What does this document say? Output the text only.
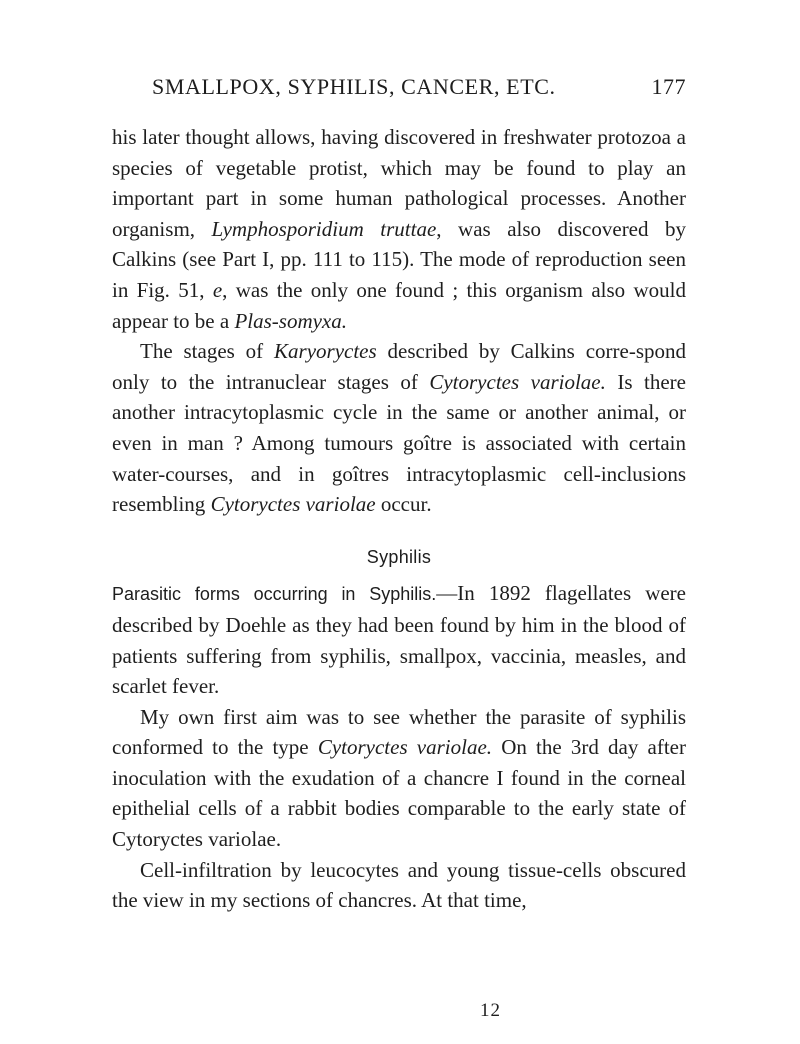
SMALLPOX, SYPHILIS, CANCER, ETC.	177

his later thought allows, having discovered in freshwater protozoa a species of vegetable protist, which may be found to play an important part in some human pathological processes. Another organism, Lymphosporidium truttae, was also discovered by Calkins (see Part I, pp. 111 to 115). The mode of reproduction seen in Fig. 51, e, was the only one found ; this organism also would appear to be a Plas-somyxa.

The stages of Karyoryctes described by Calkins corre-spond only to the intranuclear stages of Cytoryctes variolae. Is there another intracytoplasmic cycle in the same or another animal, or even in man ? Among tumours goître is associated with certain water-courses, and in goîtres intracytoplasmic cell-inclusions resembling Cytoryctes variolae occur.

Syphilis

Parasitic forms occurring in Syphilis.—In 1892 flagellates were described by Doehle as they had been found by him in the blood of patients suffering from syphilis, smallpox, vaccinia, measles, and scarlet fever.

My own first aim was to see whether the parasite of syphilis conformed to the type Cytoryctes variolae. On the 3rd day after inoculation with the exudation of a chancre I found in the corneal epithelial cells of a rabbit bodies comparable to the early state of Cytoryctes variolae.

Cell-infiltration by leucocytes and young tissue-cells obscured the view in my sections of chancres. At that time,

12
